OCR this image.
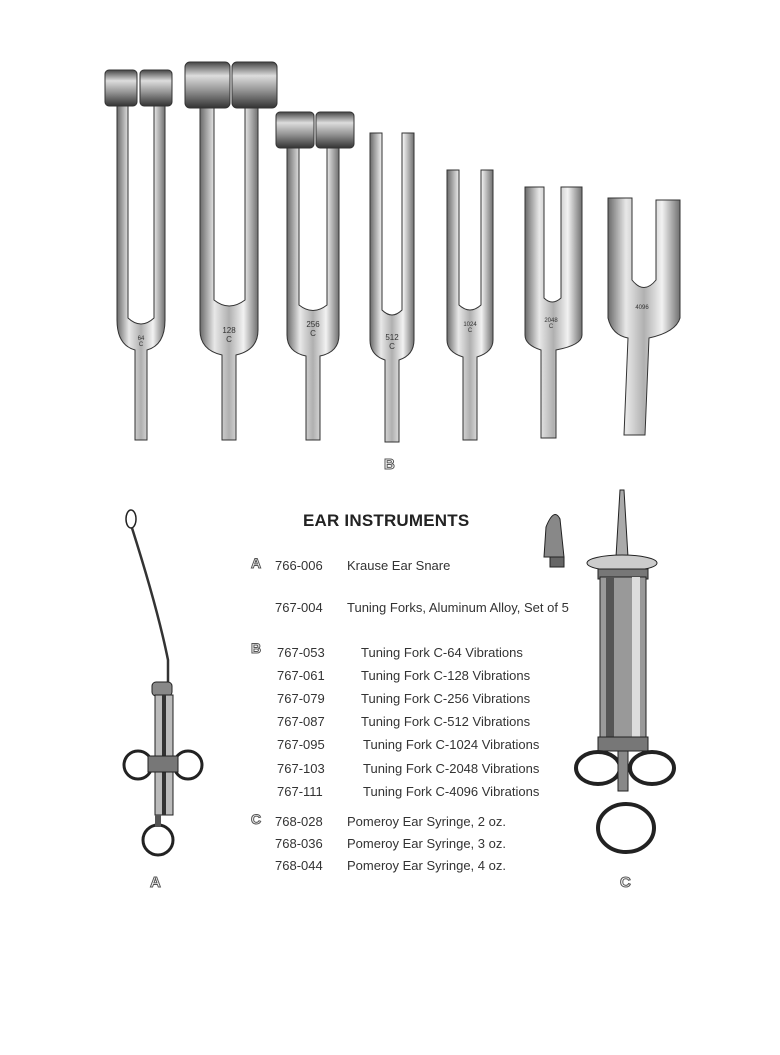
64
C
128
C
256
C	512
C
1024
C
2048
C
4096

B
A	C
EAR INSTRUMENTS
A
B
C
766-006 Krause Ear Snare
767-004 Tuning Forks, Aluminum Alloy, Set of 5
767-053	Tuning Fork C-64 Vibrations
767-061	Tuning Fork C-128 Vibrations
767-079	Tuning Fork C-256 Vibrations
767-087	Tuning Fork C-512 Vibrations
767-095	Tuning Fork C-1024 Vibrations
767-103	Tuning Fork C-2048 Vibrations
767-111	Tuning Fork C-4096 Vibrations
768-028 Pomeroy Ear Syringe, 2 oz.
768-036 Pomeroy Ear Syringe, 3 oz.
768-044 Pomeroy Ear Syringe, 4 oz.
